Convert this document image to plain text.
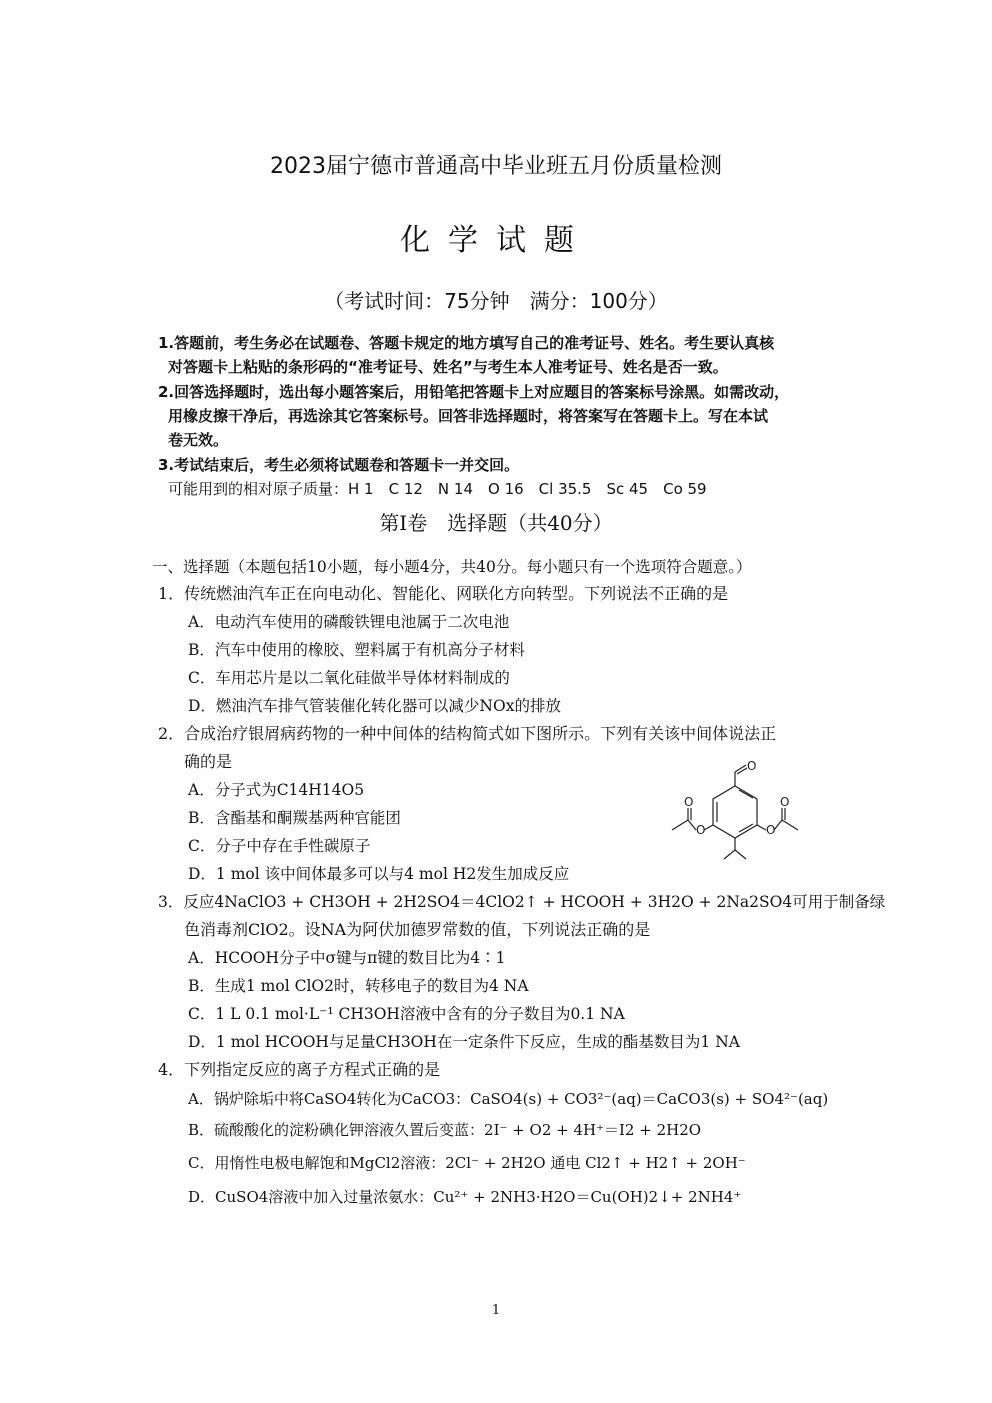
2023届宁德市普通高中毕业班五月份质量检测
化学试题
（考试时间：75分钟　满分：100分）
1.答题前，考生务必在试题卷、答题卡规定的地方填写自己的准考证号、姓名。考生要认真核
对答题卡上粘贴的条形码的“准考证号、姓名”与考生本人准考证号、姓名是否一致。
2.回答选择题时，选出每小题答案后，用铅笔把答题卡上对应题目的答案标号涂黑。如需改动，
用橡皮擦干净后，再选涂其它答案标号。回答非选择题时，将答案写在答题卡上。写在本试
卷无效。
3.考试结束后，考生必须将试题卷和答题卡一并交回。
可能用到的相对原子质量：H 1　C 12　N 14　O 16　Cl 35.5　Sc 45　Co 59
第Ⅰ卷　选择题（共40分）
一、选择题（本题包括10小题，每小题4分，共40分。每小题只有一个选项符合题意。）
1．传统燃油汽车正在向电动化、智能化、网联化方向转型。下列说法不正确的是
A．电动汽车使用的磷酸铁锂电池属于二次电池
B．汽车中使用的橡胶、塑料属于有机高分子材料
C．车用芯片是以二氧化硅做半导体材料制成的
D．燃油汽车排气管装催化转化器可以减少NOx的排放
2．合成治疗银屑病药物的一种中间体的结构简式如下图所示。下列有关该中间体说法正
确的是
A．分子式为C14H14O5
B．含酯基和酮羰基两种官能团
C．分子中存在手性碳原子
D．1 mol 该中间体最多可以与4 mol H2发生加成反应
O
O
O
O
O
3．反应4NaClO3 + CH3OH + 2H2SO4＝4ClO2↑ + HCOOH + 3H2O + 2Na2SO4可用于制备绿
色消毒剂ClO2。设NA为阿伏加德罗常数的值，下列说法正确的是
A．HCOOH分子中σ键与π键的数目比为4∶1
B．生成1 mol ClO2时，转移电子的数目为4 NA
C．1 L 0.1 mol·L⁻¹ CH3OH溶液中含有的分子数目为0.1 NA
D．1 mol HCOOH与足量CH3OH在一定条件下反应，生成的酯基数目为1 NA
4．下列指定反应的离子方程式正确的是
A．锅炉除垢中将CaSO4转化为CaCO3：CaSO4(s) + CO3²⁻(aq)＝CaCO3(s) + SO4²⁻(aq)
B．硫酸酸化的淀粉碘化钾溶液久置后变蓝：2I⁻ + O2 + 4H⁺＝I2 + 2H2O
C．用惰性电极电解饱和MgCl2溶液：2Cl⁻ + 2H2O 通电 Cl2↑ + H2↑ + 2OH⁻
D．CuSO4溶液中加入过量浓氨水：Cu²⁺ + 2NH3·H2O＝Cu(OH)2↓+ 2NH4⁺
1
